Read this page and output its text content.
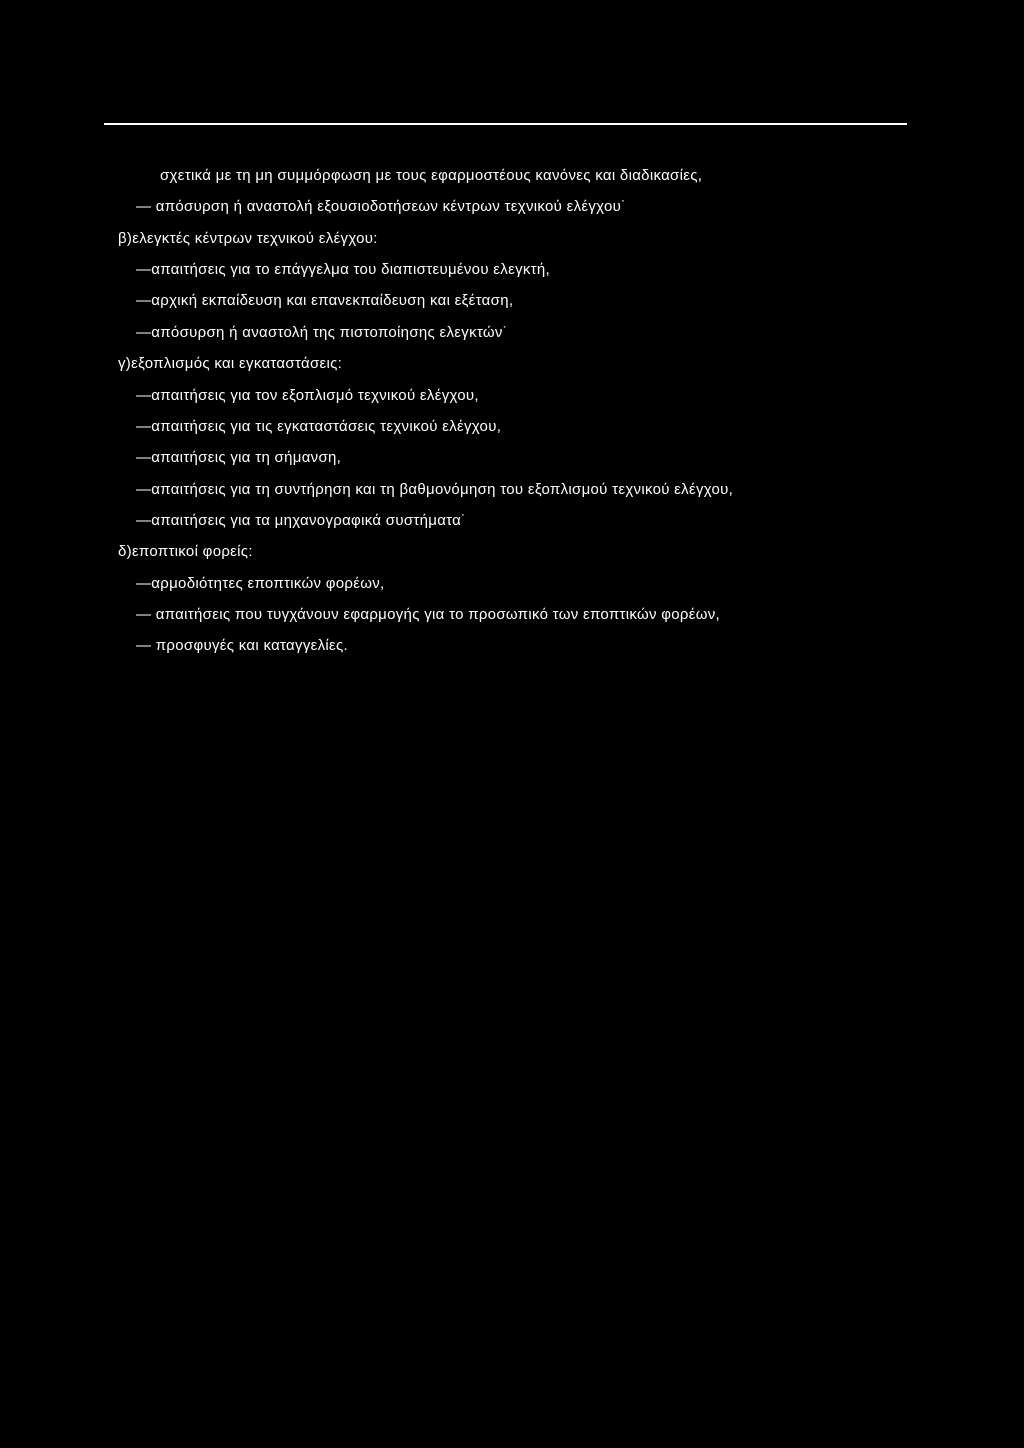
σχετικά με τη μη συμμόρφωση με τους εφαρμοστέους κανόνες και διαδικασίες,
— απόσυρση ή αναστολή εξουσιοδοτήσεων κέντρων τεχνικού ελέγχου˙
β)ελεγκτές κέντρων τεχνικού ελέγχου:
—απαιτήσεις για το επάγγελμα του διαπιστευμένου ελεγκτή,
—αρχική εκπαίδευση και επανεκπαίδευση και εξέταση,
—απόσυρση ή αναστολή της πιστοποίησης ελεγκτών˙
γ)εξοπλισμός και εγκαταστάσεις:
—απαιτήσεις για τον εξοπλισμό τεχνικού ελέγχου,
—απαιτήσεις για τις εγκαταστάσεις τεχνικού ελέγχου,
—απαιτήσεις για τη σήμανση,
—απαιτήσεις για τη συντήρηση και τη βαθμονόμηση του εξοπλισμού τεχνικού ελέγχου,
—απαιτήσεις για τα μηχανογραφικά συστήματα˙
δ)εποπτικοί φορείς:
—αρμοδιότητες εποπτικών φορέων,
— απαιτήσεις που τυγχάνουν εφαρμογής για το προσωπικό των εποπτικών φορέων,
— προσφυγές και καταγγελίες.
